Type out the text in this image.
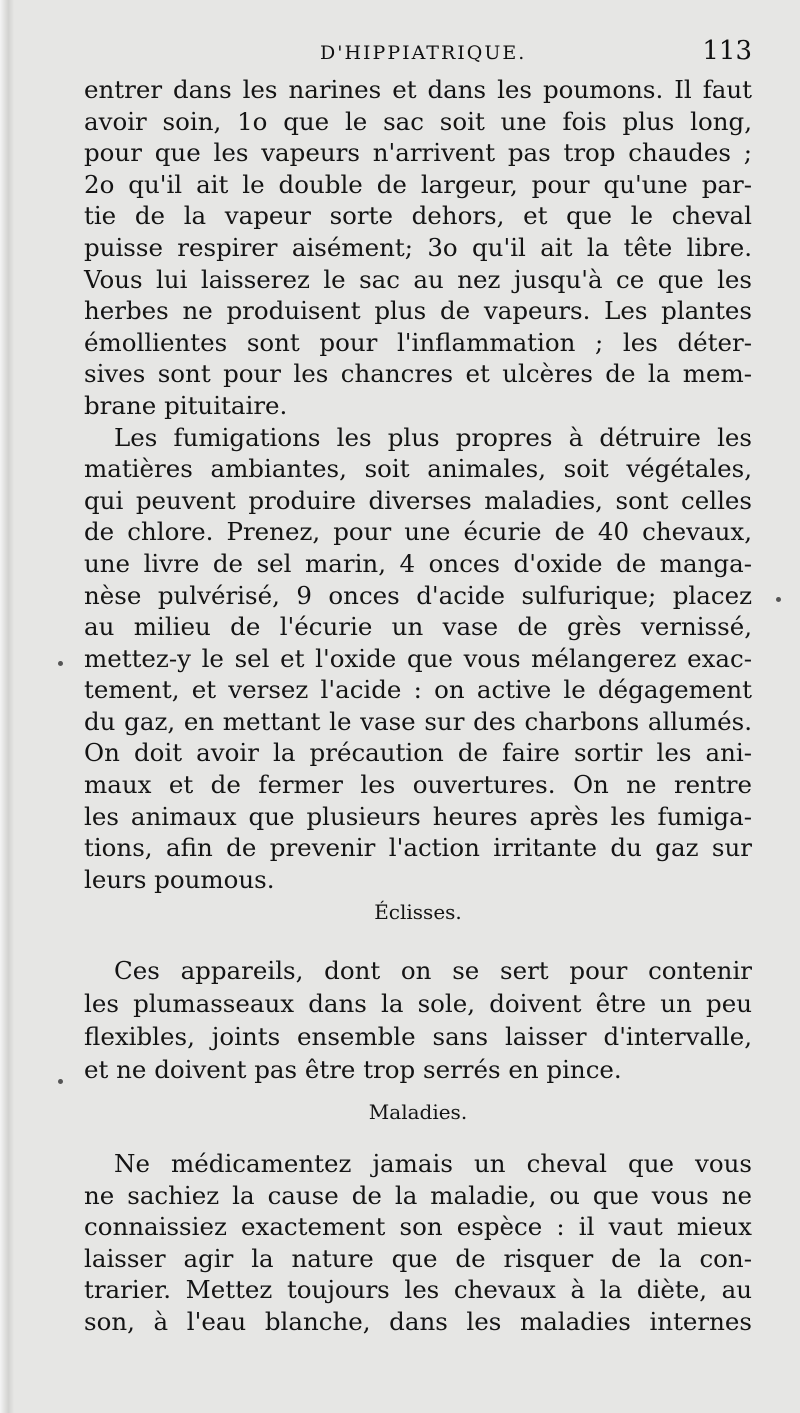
D'HIPPIATRIQUE.	113
entrer dans les narines et dans les poumons. Il faut
avoir soin, 1o que le sac soit une fois plus long,
pour que les vapeurs n'arrivent pas trop chaudes ;
2o qu'il ait le double de largeur, pour qu'une par-
tie de la vapeur sorte dehors, et que le cheval
puisse respirer aisément; 3o qu'il ait la tête libre.
Vous lui laisserez le sac au nez jusqu'à ce que les
herbes ne produisent plus de vapeurs. Les plantes
émollientes sont pour l'inflammation ; les déter-
sives sont pour les chancres et ulcères de la mem-
brane pituitaire.
Les fumigations les plus propres à détruire les
matières ambiantes, soit animales, soit végétales,
qui peuvent produire diverses maladies, sont celles
de chlore. Prenez, pour une écurie de 40 chevaux,
une livre de sel marin, 4 onces d'oxide de manga-
nèse pulvérisé, 9 onces d'acide sulfurique; placez
au milieu de l'écurie un vase de grès vernissé,
mettez-y le sel et l'oxide que vous mélangerez exac-
tement, et versez l'acide : on active le dégagement
du gaz, en mettant le vase sur des charbons allumés.
On doit avoir la précaution de faire sortir les ani-
maux et de fermer les ouvertures. On ne rentre
les animaux que plusieurs heures après les fumiga-
tions, afin de prevenir l'action irritante du gaz sur
leurs poumous.
Éclisses.
Ces appareils, dont on se sert pour contenir
les plumasseaux dans la sole, doivent être un peu
flexibles, joints ensemble sans laisser d'intervalle,
et ne doivent pas être trop serrés en pince.
Maladies.
Ne médicamentez jamais un cheval que vous
ne sachiez la cause de la maladie, ou que vous ne
connaissiez exactement son espèce : il vaut mieux
laisser agir la nature que de risquer de la con-
trarier. Mettez toujours les chevaux à la diète, au
son, à l'eau blanche, dans les maladies internes
